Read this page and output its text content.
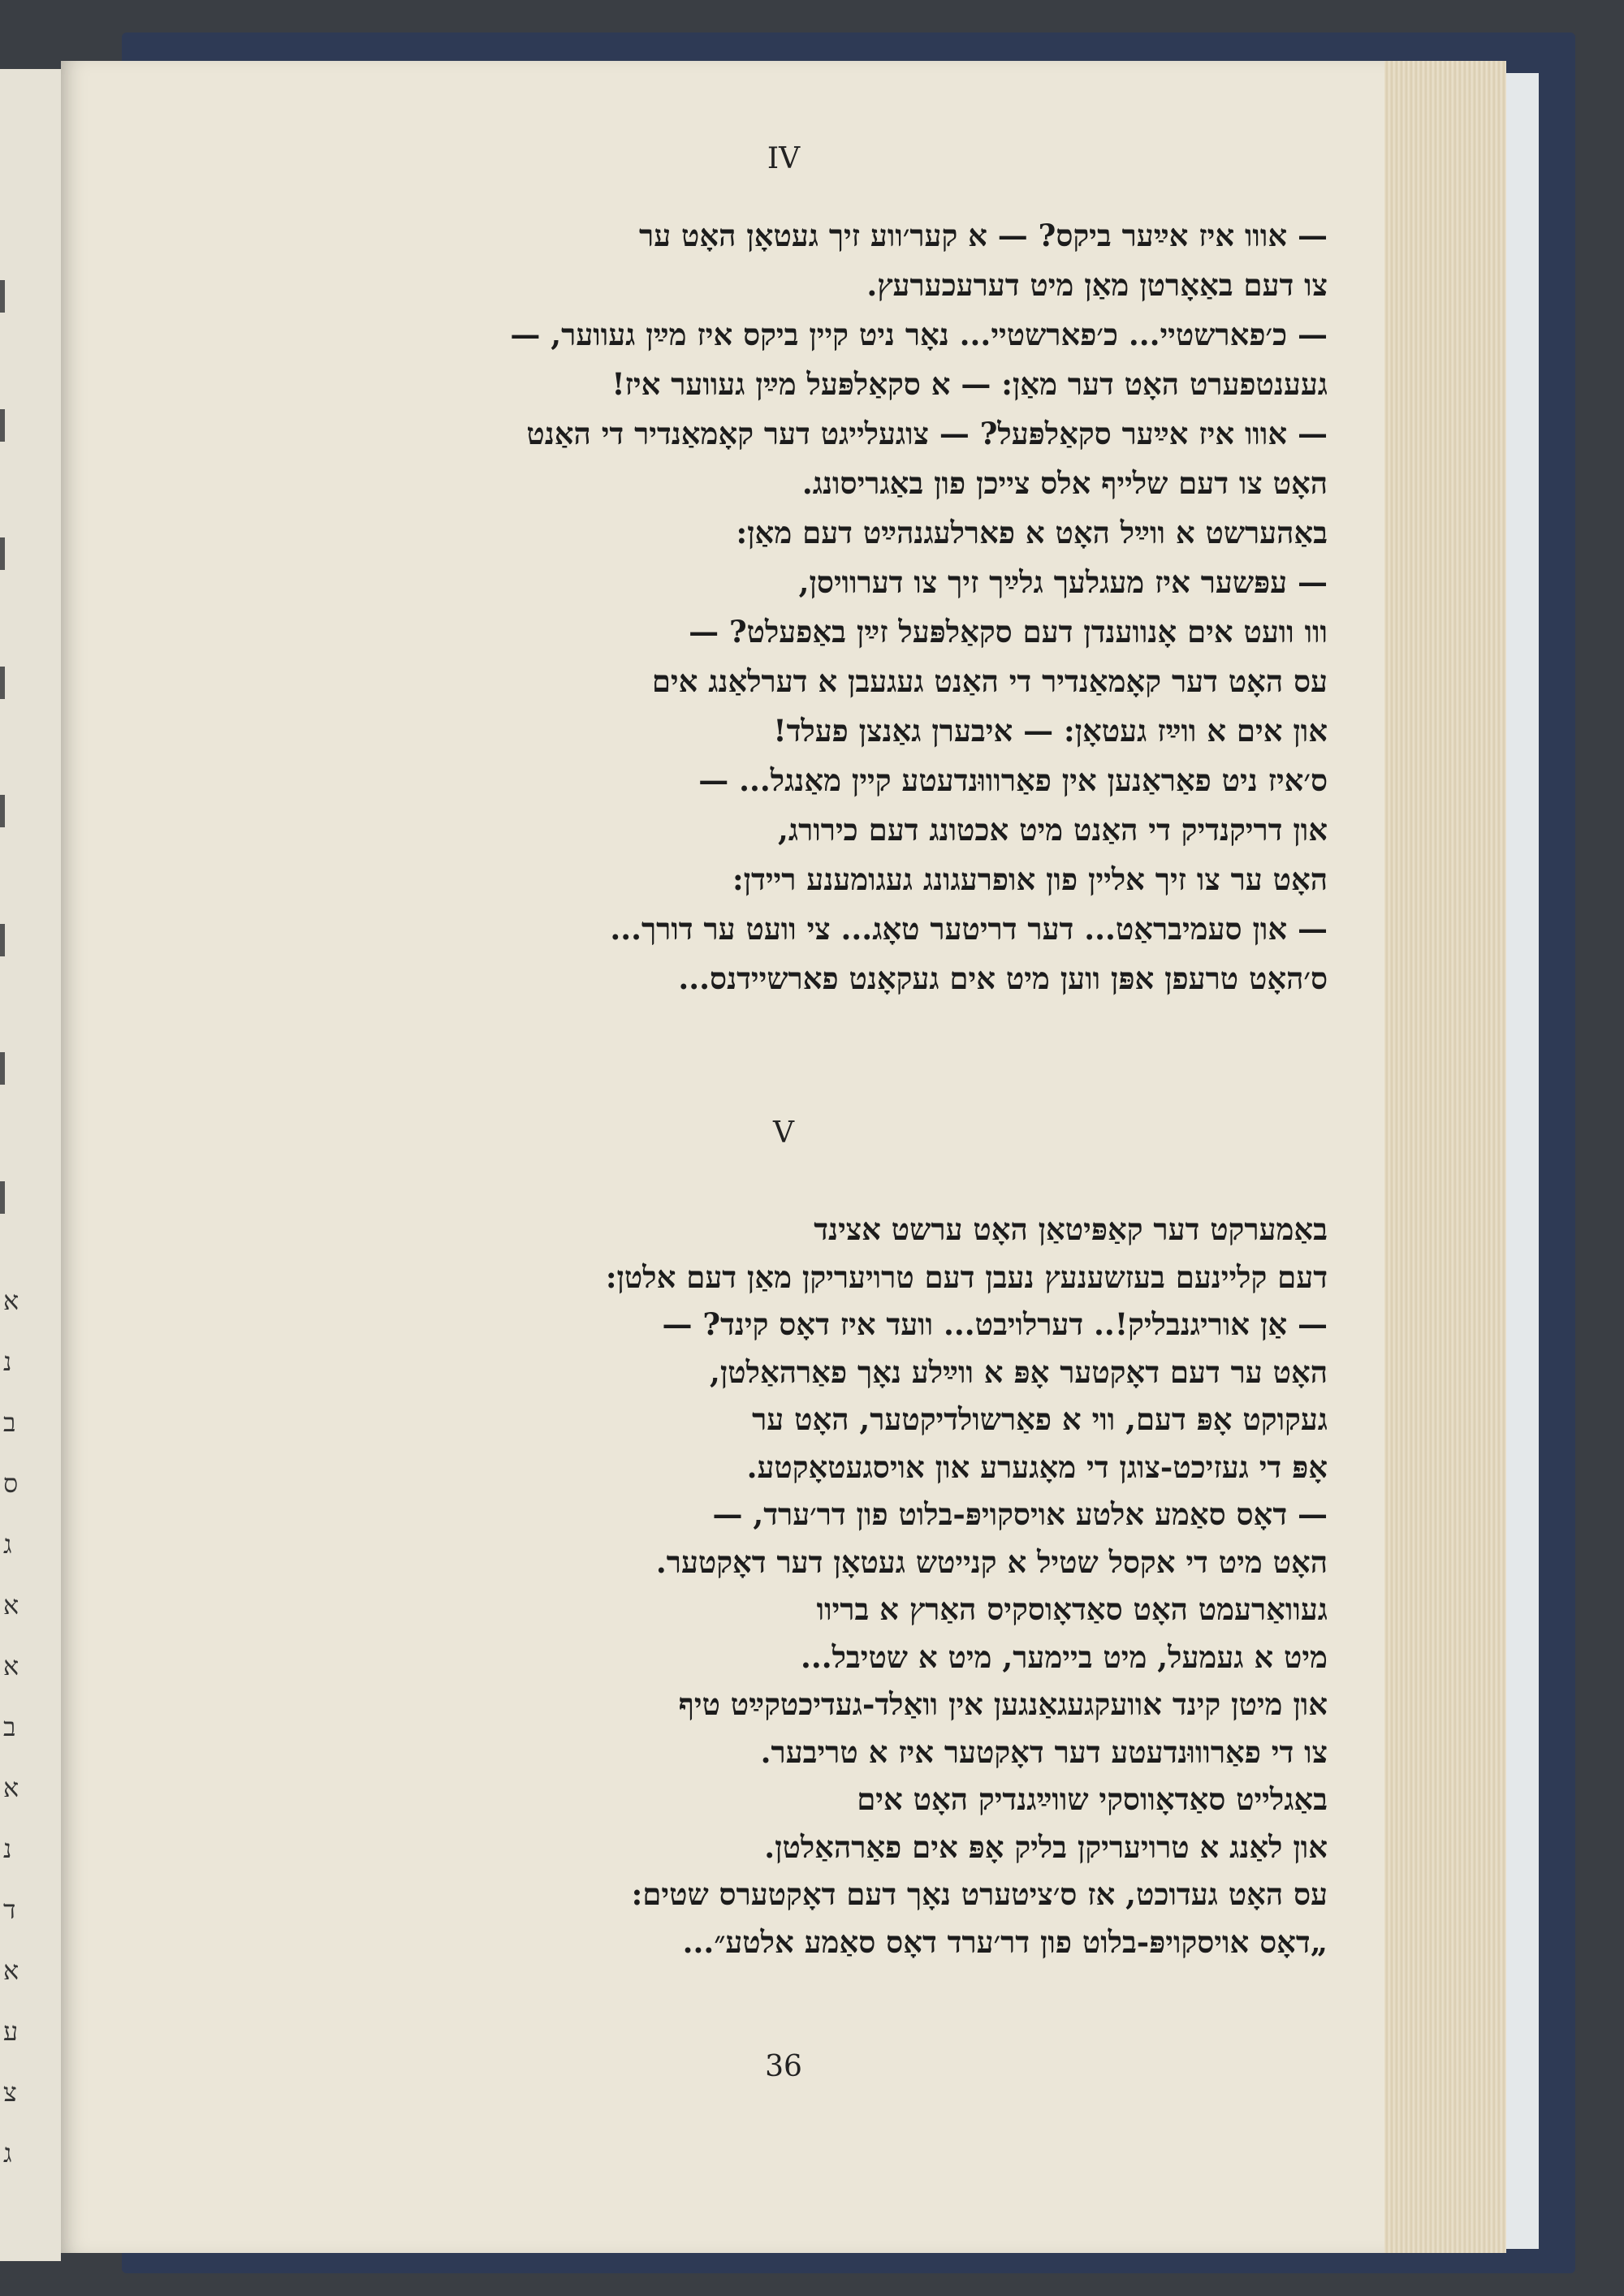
א
נ
ב
ס
ג
א
א
ב
א
נ
ד
א
ע
צ
ג
IV
— אווו איז אײַער ביקס? — א קער׳ווע זיך געטאָן האָט ער
צו דעם באַאָרטן מאַן מיט דערעכערעץ.
— כ׳פארשטיי... כ׳פארשטיי... נאָר ניט קיין ביקס איז מײַן געווער, —
געענטפערט האָט דער מאַן: — א סקאַלפּעל מײַן געווער איז!
— אווו איז אײַער סקאַלפּעל? — צוגעלייגט דער קאָמאַנדיר די האַנט
האָט צו דעם שלייף אלס צייכן פון באַגריסונג.
באַהערשט א ווײַל האָט א פארלעגנהײַט דעם מאַן:
— עפּשער איז מעגלעך גלײַך זיך צו דערוויסן,
ווו וועט אים אָנווענדן דעם סקאַלפּעל זײַן באַפעלט? —
עס האָט דער קאָמאַנדיר די האַנט געגעבן א דערלאַנג אים
און אים א ווײַז געטאָן: — איבערן גאַנצן פעלד!
ס׳איז ניט פאַראַנען אין פאַרוווּנדעטע קיין מאַנגל... —
און דריקנדיק די האַנט מיט אכטונג דעם כירורג,
האָט ער צו זיך אליין פון אופרעגונג געגומענע ריידן:
— און סעמיבראַט... דער דריטער טאָג... צי וועט ער דורך...
ס׳האָט טרעפן אפּן ווען מיט אים געקאָנט פארשיידנס...
V
באַמערקט דער קאַפּיטאַן האָט ערשט אצינד
דעם קליינעם בעזשענעץ נעבן דעם טרויעריקן מאַן דעם אלטן:
— אַן אוריגנבליק!.. דערלויבט... וועד איז דאָס קינד? —
האָט ער דעם דאָקטער אָפּ א ווײַלע נאָך פאַרהאַלטן,
געקוקט אָפּ דעם, ווי א פאַרשולדיקטער, האָט ער
אָפּ די געזיכט-צוגן די מאָגערע און אויסגעטאָקטע.
— דאָס סאַמע אלטע אויסקויפּ-בלוט פון דר׳ערד, —
האָט מיט די אקסל שטיל א קנייטש געטאָן דער דאָקטער.
געוואַרעמט האָט סאַדאָוסקיס האַרץ א בריוו
מיט א געמעל, מיט ביימער, מיט א שטיבל...
און מיטן קינד אוועקגעגאַנגען אין וואַלד-געדיכטקײַט טיף
צו די פאַרוווּנדעטע דער דאָקטער איז א טריבער.
באַגלייט סאַדאָווסקי שווײַגנדיק האָט אים
און לאַנג א טרויעריקן בליק אָפּ אים פאַרהאַלטן.
עס האָט געדוכט, אז ס׳ציטערט נאָך דעם דאָקטערס שטים:
„דאָס אויסקויפּ-בלוט פון דר׳ערד דאָס סאַמע אלטע״...
36
